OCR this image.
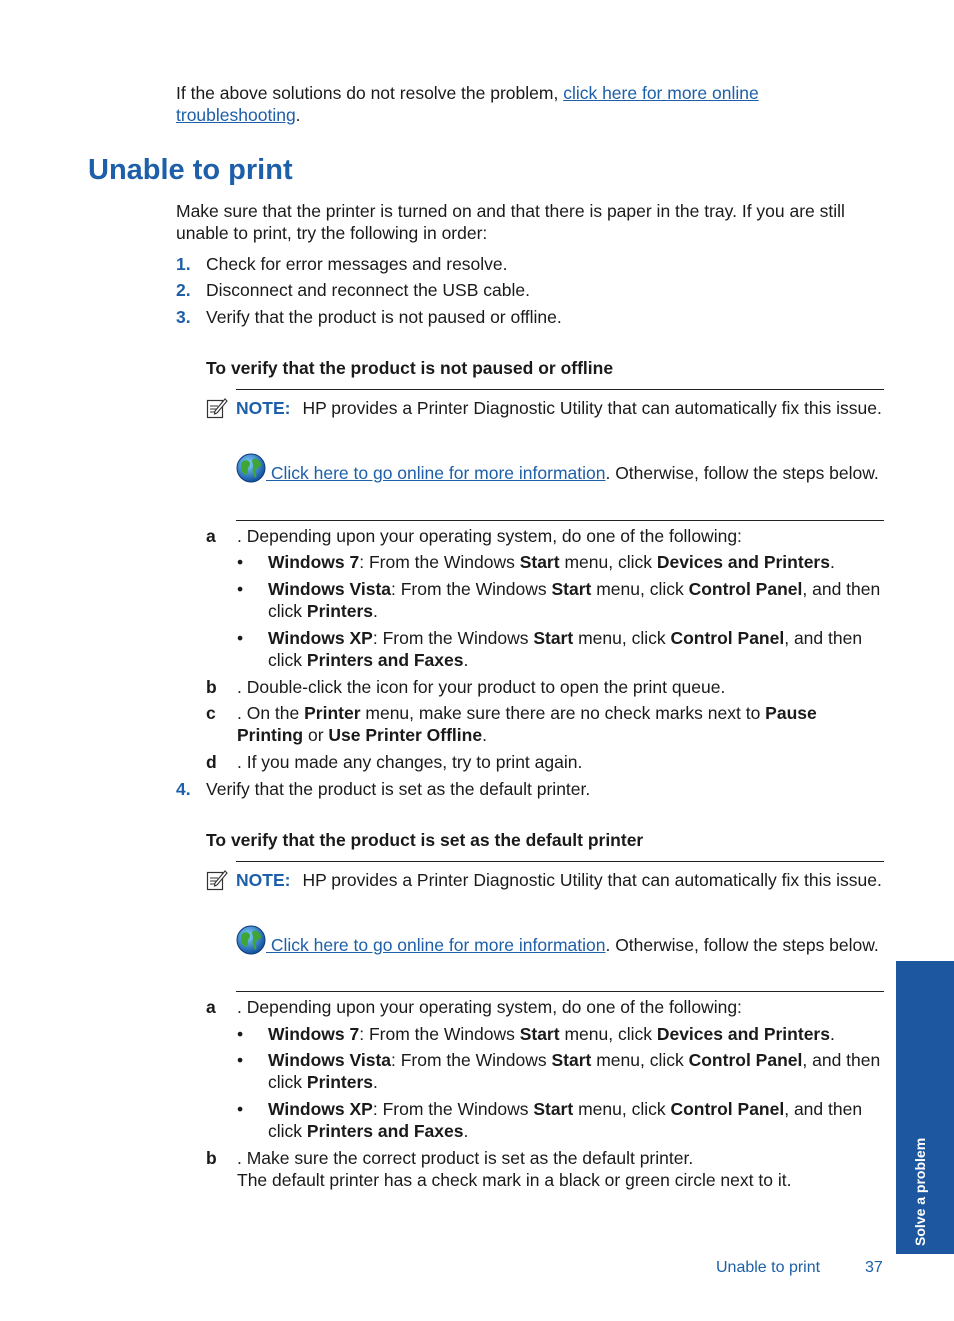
If the above solutions do not resolve the problem, click here for more online
troubleshooting.
Unable to print
Make sure that the printer is turned on and that there is paper in the tray. If you are still
unable to print, try the following in order:
1. Check for error messages and resolve.
2. Disconnect and reconnect the USB cable.
3. Verify that the product is not paused or offline.
To verify that the product is not paused or offline
NOTE: HP provides a Printer Diagnostic Utility that can automatically fix this issue.
Click here to go online for more information. Otherwise, follow the steps below.
a . Depending upon your operating system, do one of the following:
• Windows 7: From the Windows Start menu, click Devices and Printers.
• Windows Vista: From the Windows Start menu, click Control Panel, and then click Printers.
• Windows XP: From the Windows Start menu, click Control Panel, and then click Printers and Faxes.
b . Double-click the icon for your product to open the print queue.
c . On the Printer menu, make sure there are no check marks next to Pause Printing or Use Printer Offline.
d . If you made any changes, try to print again.
4. Verify that the product is set as the default printer.
To verify that the product is set as the default printer
NOTE: HP provides a Printer Diagnostic Utility that can automatically fix this issue.
Click here to go online for more information. Otherwise, follow the steps below.
a . Depending upon your operating system, do one of the following:
• Windows 7: From the Windows Start menu, click Devices and Printers.
• Windows Vista: From the Windows Start menu, click Control Panel, and then click Printers.
• Windows XP: From the Windows Start menu, click Control Panel, and then click Printers and Faxes.
b . Make sure the correct product is set as the default printer.
The default printer has a check mark in a black or green circle next to it.	Solve a problem
Unable to print	37
